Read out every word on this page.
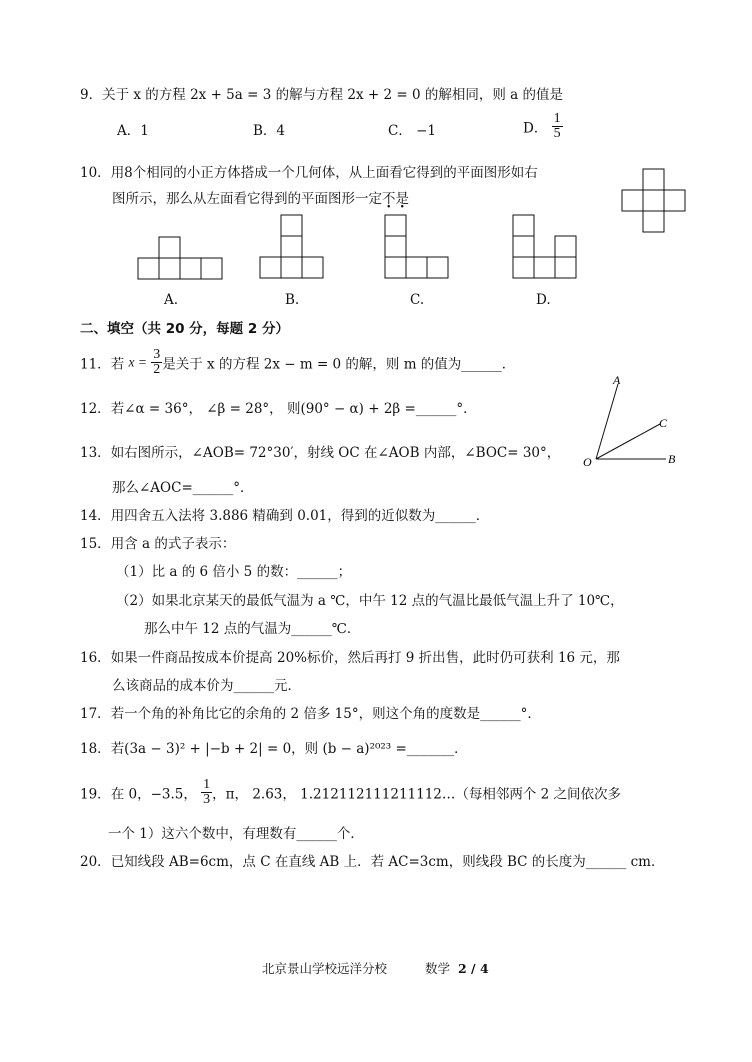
9．关于 x 的方程 2x + 5a = 3 的解与方程 2x + 2 = 0 的解相同，则 a 的值是
A．1	B．4	C． −1	D． $\frac{1}{5}$
10．用8个相同的小正方体搭成一个几何体，从上面看它得到的平面图形如右
图所示，那么从左面看它得到的平面图形一定不是
A.	B.	C.	D.
二、填空（共 20 分，每题 2 分）
11．若 $x = \frac{3}{2}$ 是关于 x 的方程 2x − m = 0 的解，则 m 的值为______．
12．若∠α = 36°， ∠β = 28°， 则(90° − α) + 2β =______°．
13．如右图所示，∠AOB= 72°30′，射线 OC 在∠AOB 内部，∠BOC= 30°，
那么∠AOC=______°．
A
C
B
O
14．用四舍五入法将 3.886 精确到 0.01，得到的近似数为______．
15．用含 a 的式子表示：
（1）比 a 的 6 倍小 5 的数：______；
（2）如果北京某天的最低气温为 a ℃，中午 12 点的气温比最低气温上升了 10℃，
那么中午 12 点的气温为______℃．
16．如果一件商品按成本价提高 20%标价，然后再打 9 折出售，此时仍可获利 16 元，那
么该商品的成本价为______元．
17．若一个角的补角比它的余角的 2 倍多 15°，则这个角的度数是______°．
18．若(3a − 3)² + |−b + 2| = 0，则 (b − a)²⁰²³ =_______．
19．在 0，−3.5， $\frac{1}{3}$ ，π， 2.63̇， 1.212112111211112…（每相邻两个 2 之间依次多
一个 1）这六个数中，有理数有______个．
20．已知线段 AB=6cm，点 C 在直线 AB 上．若 AC=3cm，则线段 BC 的长度为______ cm．
北京景山学校远洋分校	数学 2 / 4
